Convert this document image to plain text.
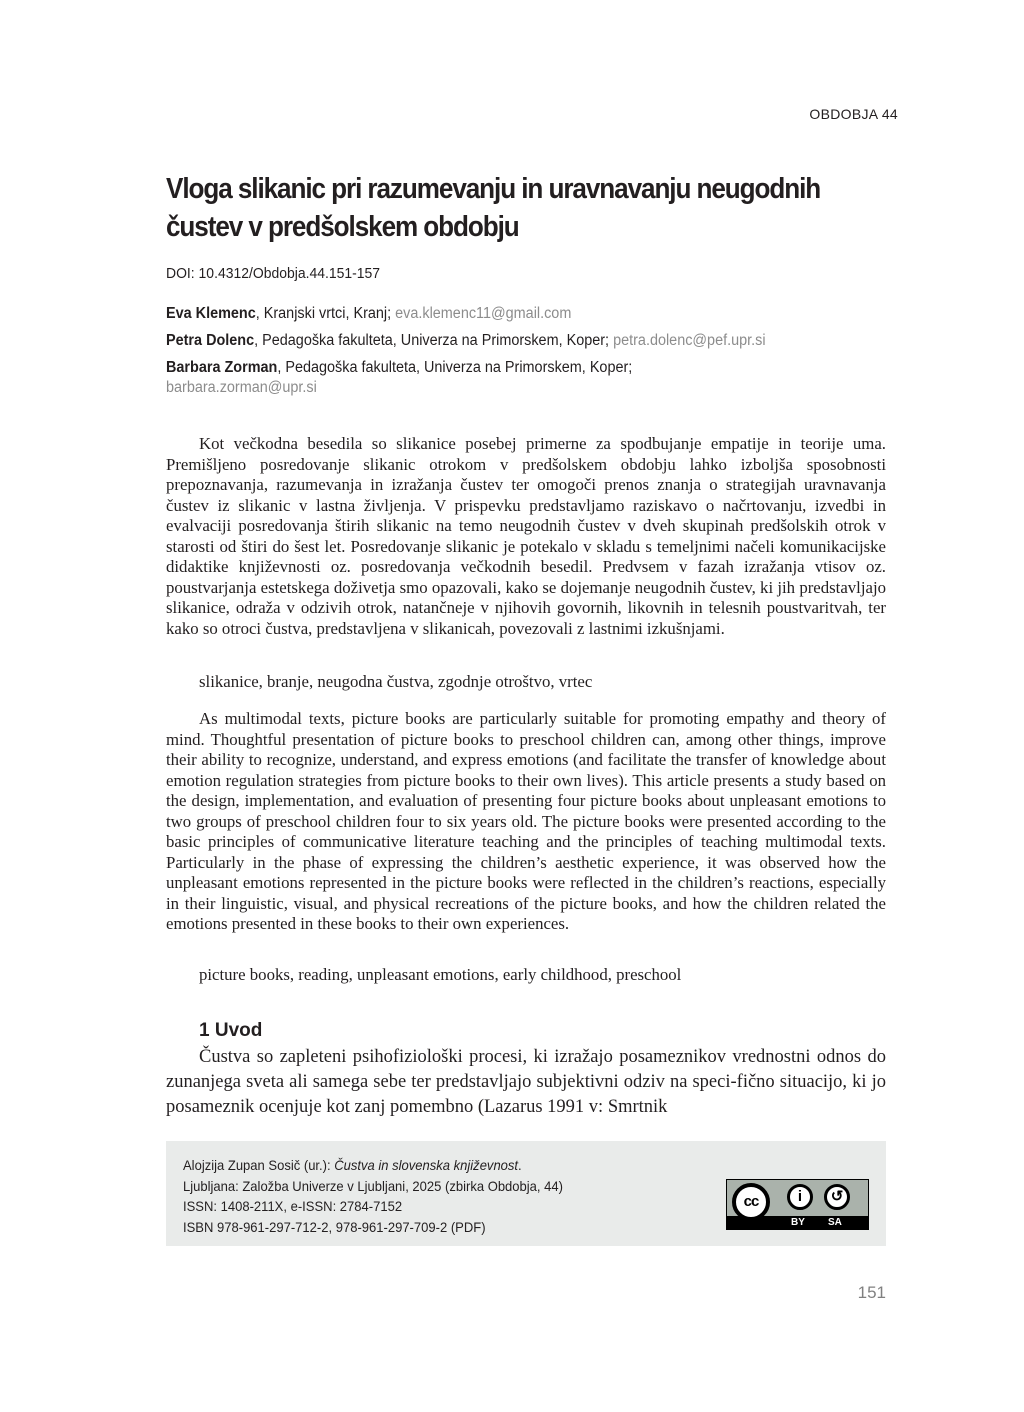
OBDOBJA 44
Vloga slikanic pri razumevanju in uravnavanju neugodnih čustev v predšolskem obdobju
DOI: 10.4312/Obdobja.44.151-157
Eva Klemenc, Kranjski vrtci, Kranj; eva.klemenc11@gmail.com
Petra Dolenc, Pedagoška fakulteta, Univerza na Primorskem, Koper; petra.dolenc@pef.upr.si
Barbara Zorman, Pedagoška fakulteta, Univerza na Primorskem, Koper;
barbara.zorman@upr.si

Kot večkodna besedila so slikanice posebej primerne za spodbujanje empatije in teorije uma. Premišljeno posredovanje slikanic otrokom v predšolskem obdobju lahko izboljša sposobnosti prepoznavanja, razumevanja in izražanja čustev ter omogoči prenos znanja o strategijah uravnavanja čustev iz slikanic v lastna življenja. V prispevku predstavljamo raziskavo o načrtovanju, izvedbi in evalvaciji posredovanja štirih slikanic na temo neugodnih čustev v dveh skupinah predšolskih otrok v starosti od štiri do šest let. Posredovanje slikanic je potekalo v skladu s temeljnimi načeli komunikacijske didaktike književnosti oz. posredovanja večkodnih besedil. Predvsem v fazah izražanja vtisov oz. poustvarjanja estetskega doživetja smo opazovali, kako se dojemanje neugodnih čustev, ki jih predstavljajo slikanice, odraža v odzivih otrok, natančneje v njihovih govornih, likovnih in telesnih poustvaritvah, ter kako so otroci čustva, predstavljena v slikanicah, povezovali z lastnimi izkušnjami.

slikanice, branje, neugodna čustva, zgodnje otroštvo, vrtec

As multimodal texts, picture books are particularly suitable for promoting empathy and theory of mind. Thoughtful presentation of picture books to preschool children can, among other things, improve their ability to recognize, understand, and express emotions (and facilitate the transfer of knowledge about emotion regulation strategies from picture books to their own lives). This article presents a study based on the design, implementation, and evaluation of presenting four picture books about unpleasant emotions to two groups of preschool children four to six years old. The picture books were presented according to the basic principles of communicative literature teaching and the principles of teaching multimodal texts. Particularly in the phase of expressing the children’s aesthetic experience, it was observed how the unpleasant emotions represented in the picture books were reflected in the children’s reactions, especially in their linguistic, visual, and physical recreations of the picture books, and how the children related the emotions presented in these books to their own experiences.

picture books, reading, unpleasant emotions, early childhood, preschool
1 Uvod

Čustva so zapleteni psihofiziološki procesi, ki izražajo posameznikov vrednostni odnos do zunanjega sveta ali samega sebe ter predstavljajo subjektivni odziv na speci-fično situacijo, ki jo posameznik ocenjuje kot zanj pomembno (Lazarus 1991 v: Smrtnik

Alojzija Zupan Sosič (ur.): Čustva in slovenska književnost.
Ljubljana: Založba Univerze v Ljubljani, 2025 (zbirka Obdobja, 44)
ISSN: 1408-211X, e-ISSN: 2784-7152
ISBN 978-961-297-712-2, 978-961-297-709-2 (PDF)
cc	i	↺
BY SA
151
